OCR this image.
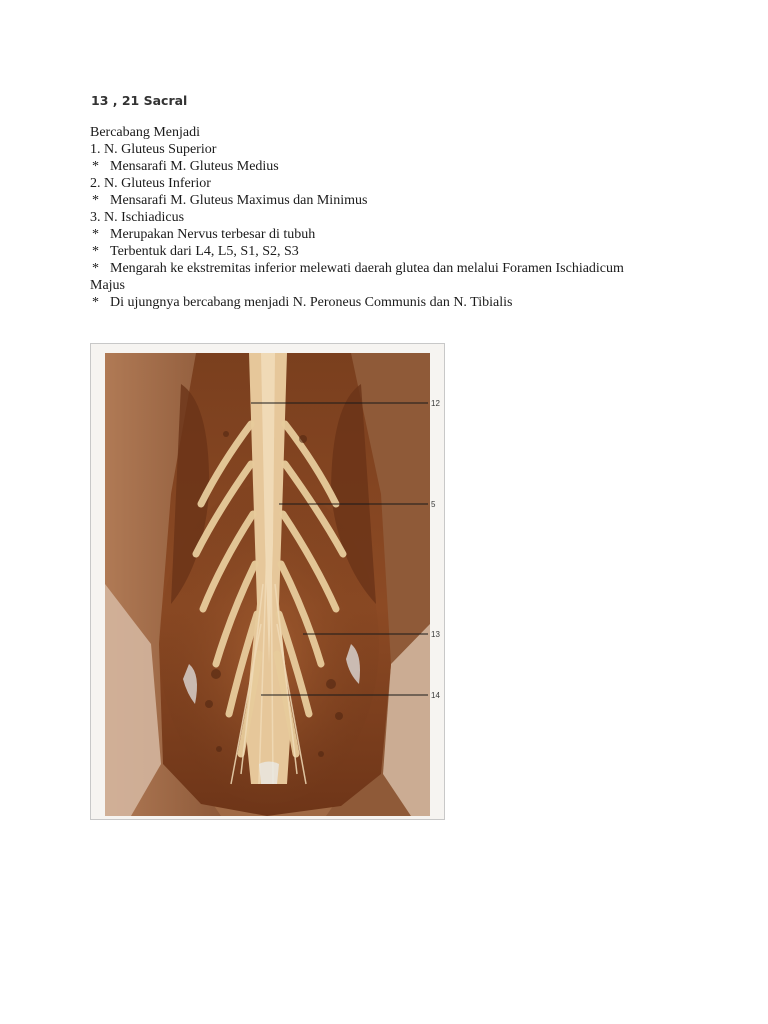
13 , 21 Sacral
Bercabang Menjadi
1. N. Gluteus Superior
* Mensarafi M. Gluteus Medius
2. N. Gluteus Inferior
* Mensarafi M. Gluteus Maximus dan Minimus
3. N. Ischiadicus
* Merupakan Nervus terbesar di tubuh
* Terbentuk dari L4, L5, S1, S2, S3
* Mengarah ke ekstremitas inferior melewati daerah glutea dan melalui Foramen Ischiadicum
Majus
* Di ujungnya bercabang menjadi N. Peroneus Communis dan N. Tibialis
12
5
13
14
